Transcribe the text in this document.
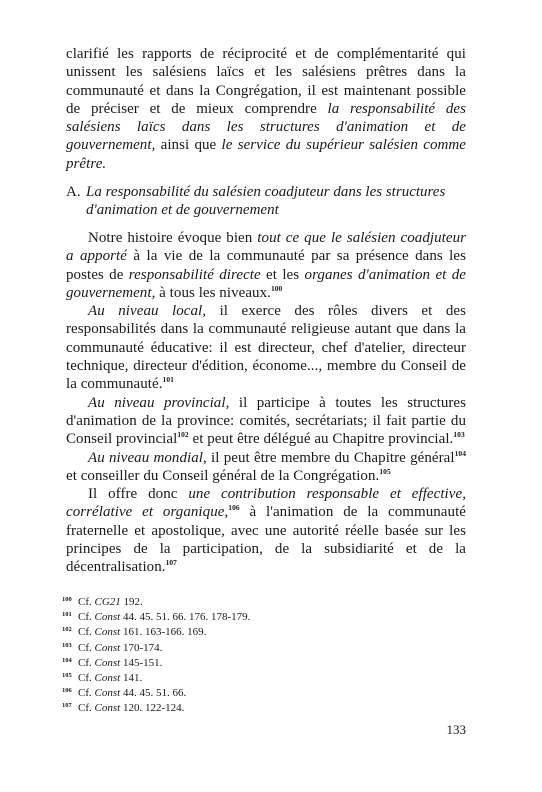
clarifié les rapports de réciprocité et de complémentarité qui unissent les salésiens laïcs et les salésiens prêtres dans la communauté et dans la Congrégation, il est maintenant possible de préciser et de mieux comprendre la responsabilité des salésiens laïcs dans les structures d'animation et de gouvernement, ainsi que le service du supérieur salésien comme prêtre.

A. La responsabilité du salésien coadjuteur dans les structures d'animation et de gouvernement

Notre histoire évoque bien tout ce que le salésien coadjuteur a apporté à la vie de la communauté par sa présence dans les postes de responsabilité directe et les organes d'animation et de gouvernement, à tous les niveaux.$^{100}$

Au niveau local, il exerce des rôles divers et des responsabilités dans la communauté religieuse autant que dans la communauté éducative: il est directeur, chef d'atelier, directeur technique, directeur d'édition, économe..., membre du Conseil de la communauté.$^{101}$

Au niveau provincial, il participe à toutes les structures d'animation de la province: comités, secrétariats; il fait partie du Conseil provincial$^{102}$ et peut être délégué au Chapitre provincial.$^{103}$

Au niveau mondial, il peut être membre du Chapitre général$^{104}$ et conseiller du Conseil général de la Congrégation.$^{105}$

Il offre donc une contribution responsable et effective, corrélative et organique,$^{106}$ à l'animation de la communauté fraternelle et apostolique, avec une autorité réelle basée sur les principes de la participation, de la subsidiarité et de la décentralisation.$^{107}$

100 Cf. CG21 192.
101 Cf. Const 44. 45. 51. 66. 176. 178-179.
102 Cf. Const 161. 163-166. 169.
103 Cf. Const 170-174.
104 Cf. Const 145-151.
105 Cf. Const 141.
106 Cf. Const 44. 45. 51. 66.
107 Cf. Const 120. 122-124.
133
